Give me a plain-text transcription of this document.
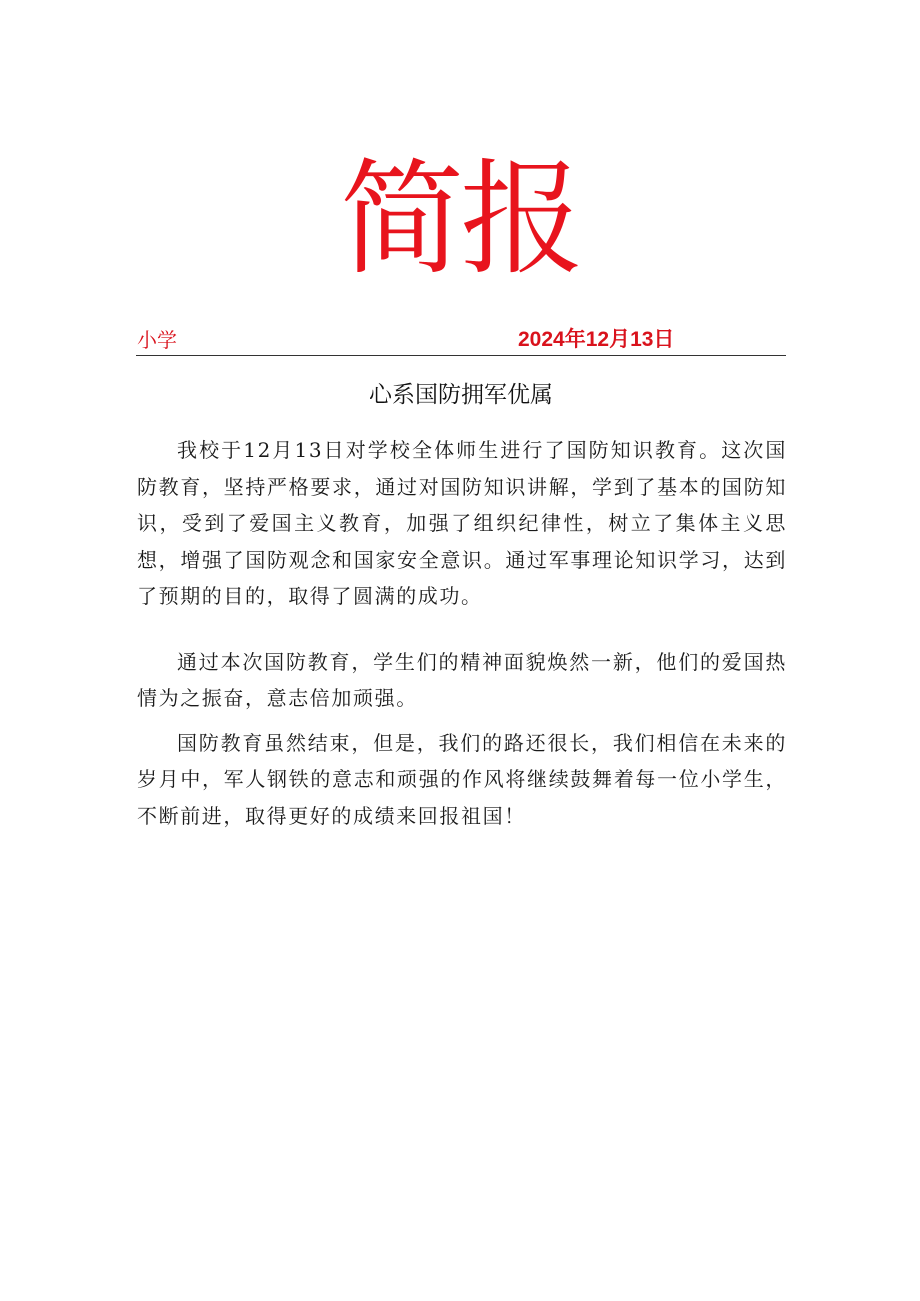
简报
小学	2024年12月13日
心系国防拥军优属

我校于12月13日对学校全体师生进行了国防知识教育。这次国防教育，坚持严格要求，通过对国防知识讲解，学到了基本的国防知识，受到了爱国主义教育，加强了组织纪律性，树立了集体主义思想，增强了国防观念和国家安全意识。通过军事理论知识学习，达到了预期的目的，取得了圆满的成功。

通过本次国防教育，学生们的精神面貌焕然一新，他们的爱国热情为之振奋，意志倍加顽强。

国防教育虽然结束，但是，我们的路还很长，我们相信在未来的岁月中，军人钢铁的意志和顽强的作风将继续鼓舞着每一位小学生，不断前进，取得更好的成绩来回报祖国！
